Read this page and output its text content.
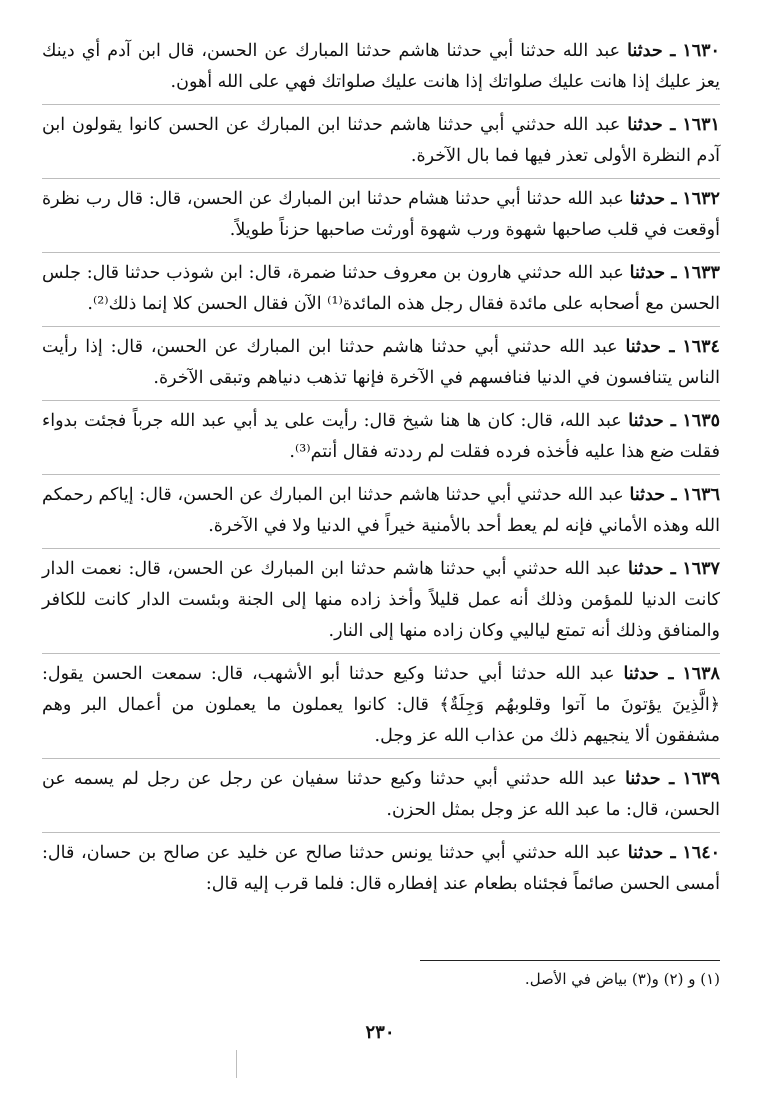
١٦٣٠ ـ حدثنا عبد الله حدثنا أبي حدثنا هاشم حدثنا المبارك عن الحسن، قال ابن آدم أي دينك يعز عليك إذا هانت عليك صلواتك إذا هانت عليك صلواتك فهي على الله أهون.

١٦٣١ ـ حدثنا عبد الله حدثني أبي حدثنا هاشم حدثنا ابن المبارك عن الحسن كانوا يقولون ابن آدم النظرة الأولى تعذر فيها فما بال الآخرة.

١٦٣٢ ـ حدثنا عبد الله حدثنا أبي حدثنا هشام حدثنا ابن المبارك عن الحسن، قال: قال رب نظرة أوقعت في قلب صاحبها شهوة ورب شهوة أورثت صاحبها حزناً طويلاً.

١٦٣٣ ـ حدثنا عبد الله حدثني هارون بن معروف حدثنا ضمرة، قال: ابن شوذب حدثنا قال: جلس الحسن مع أصحابه على مائدة فقال رجل هذه المائدة⁽¹⁾ الآن فقال الحسن كلا إنما ذلك⁽²⁾.

١٦٣٤ ـ حدثنا عبد الله حدثني أبي حدثنا هاشم حدثنا ابن المبارك عن الحسن، قال: إذا رأيت الناس يتنافسون في الدنيا فنافسهم في الآخرة فإنها تذهب دنياهم وتبقى الآخرة.

١٦٣٥ ـ حدثنا عبد الله، قال: كان ها هنا شيخ قال: رأيت على يد أبي عبد الله جرباً فجئت بدواء فقلت ضع هذا عليه فأخذه فرده فقلت لم رددته فقال أنتم⁽³⁾.

١٦٣٦ ـ حدثنا عبد الله حدثني أبي حدثنا هاشم حدثنا ابن المبارك عن الحسن، قال: إياكم رحمكم الله وهذه الأماني فإنه لم يعط أحد بالأمنية خيراً في الدنيا ولا في الآخرة.

١٦٣٧ ـ حدثنا عبد الله حدثني أبي حدثنا هاشم حدثنا ابن المبارك عن الحسن، قال: نعمت الدار كانت الدنيا للمؤمن وذلك أنه عمل قليلاً وأخذ زاده منها إلى الجنة وبئست الدار كانت للكافر والمنافق وذلك أنه تمتع لياليي وكان زاده منها إلى النار.

١٦٣٨ ـ حدثنا عبد الله حدثنا أبي حدثنا وكيع حدثنا أبو الأشهب، قال: سمعت الحسن يقول: ﴿الَّذِينَ يؤتونَ ما آتوا وقلوبهُم وَجِلَةٌ﴾ قال: كانوا يعملون ما يعملون من أعمال البر وهم مشفقون ألا ينجيهم ذلك من عذاب الله عز وجل.

١٦٣٩ ـ حدثنا عبد الله حدثني أبي حدثنا وكيع حدثنا سفيان عن رجل عن رجل لم يسمه عن الحسن، قال: ما عبد الله عز وجل بمثل الحزن.

١٦٤٠ ـ حدثنا عبد الله حدثني أبي حدثنا يونس حدثنا صالح عن خليد عن صالح بن حسان، قال: أمسى الحسن صائماً فجئناه بطعام عند إفطاره قال: فلما قرب إليه قال:

(١) و (٢) و(٣) بياض في الأصل.
٢٣٠
